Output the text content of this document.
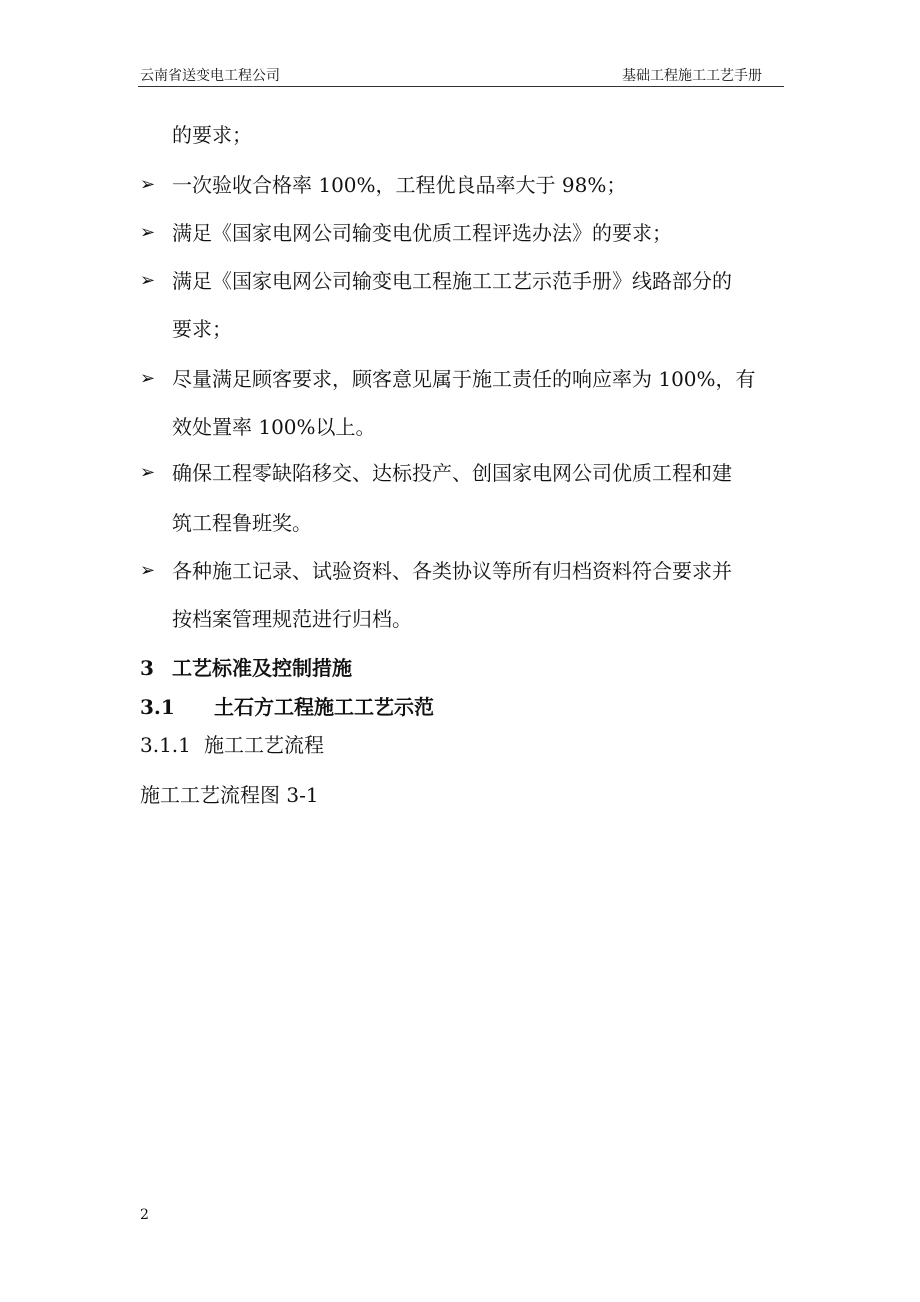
云南省送变电工程公司	基础工程施工工艺手册
的要求；
➢ 一次验收合格率 100%，工程优良品率大于 98%；
➢ 满足《国家电网公司输变电优质工程评选办法》的要求；
➢ 满足《国家电网公司输变电工程施工工艺示范手册》线路部分的
要求；
➢ 尽量满足顾客要求，顾客意见属于施工责任的响应率为 100%，有
效处置率 100%以上。
➢ 确保工程零缺陷移交、达标投产、创国家电网公司优质工程和建
筑工程鲁班奖。
➢ 各种施工记录、试验资料、各类协议等所有归档资料符合要求并
按档案管理规范进行归档。
3 工艺标准及控制措施
3.1 土石方工程施工工艺示范
3.1.1 施工工艺流程
施工工艺流程图 3-1
2
